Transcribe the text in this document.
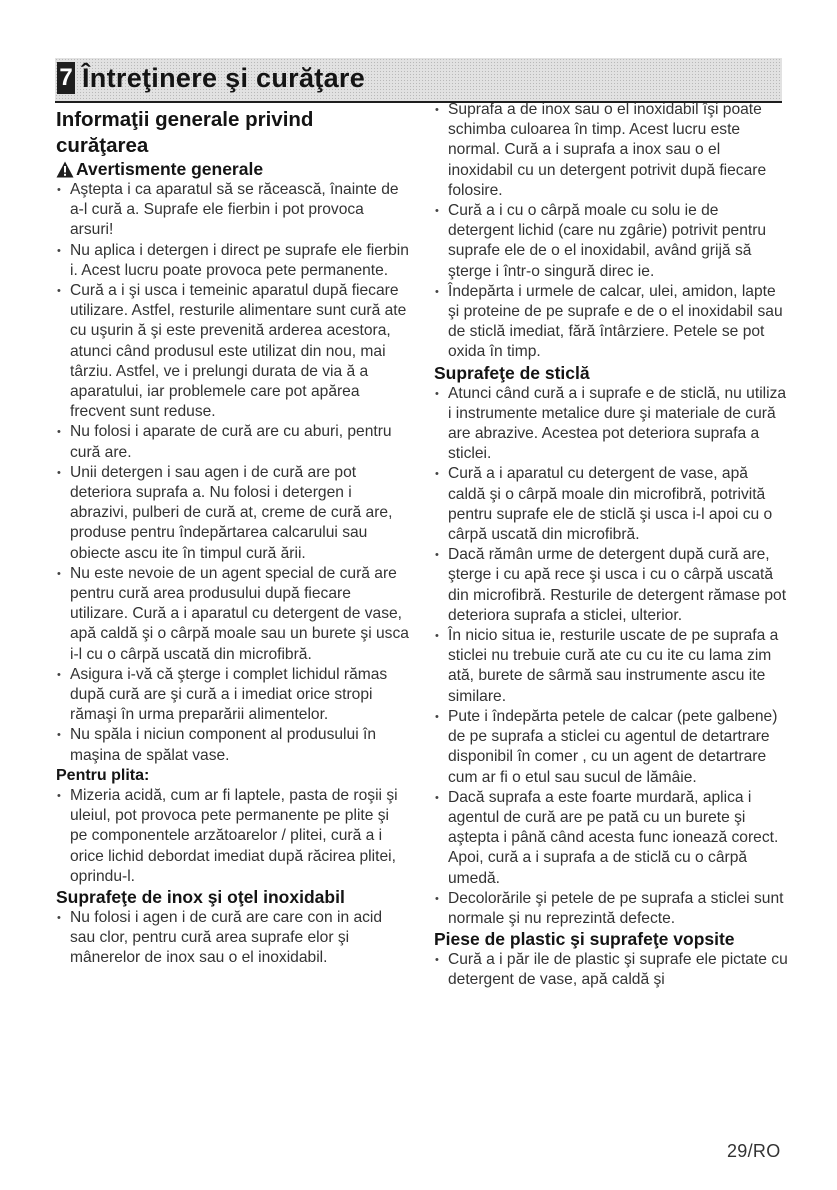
7 Întreţinere şi curăţare
Informaţii generale privind curăţarea
Avertismente generale
• Aştepta i ca aparatul să se răcească, înainte de a-l cură a. Suprafe ele fierbin i pot provoca arsuri!
• Nu aplica i detergen i direct pe suprafe ele fierbin i. Acest lucru poate provoca pete permanente.
• Cură a i şi usca i temeinic aparatul după fiecare utilizare. Astfel, resturile alimentare sunt cură ate cu uşurin ă şi este prevenită arderea acestora, atunci când produsul este utilizat din nou, mai târziu. Astfel, ve i prelungi durata de via ă a aparatului, iar problemele care pot apărea frecvent sunt reduse.
• Nu folosi i aparate de cură are cu aburi, pentru cură are.
• Unii detergen i sau agen i de cură are pot deteriora suprafa a. Nu folosi i detergen i abrazivi, pulberi de cură at, creme de cură are, produse pentru îndepărtarea calcarului sau obiecte ascu ite în timpul cură ării.
• Nu este nevoie de un agent special de cură are pentru cură area produsului după fiecare utilizare. Cură a i aparatul cu detergent de vase, apă caldă şi o cârpă moale sau un burete şi usca i-l cu o cârpă uscată din microfibră.
• Asigura i-vă că şterge i complet lichidul rămas după cură are şi cură a i imediat orice stropi rămaşi în urma preparării alimentelor.
• Nu spăla i niciun component al produsului în maşina de spălat vase.
Pentru plita:
• Mizeria acidă, cum ar fi laptele, pasta de roşii şi uleiul, pot provoca pete permanente pe plite şi pe componentele arzătoarelor / plitei, cură a i orice lichid debordat imediat după răcirea plitei, oprindu-l.
Suprafeţe de inox şi oţel inoxidabil
• Nu folosi i agen i de cură are care con in acid sau clor, pentru cură area suprafe elor şi mânerelor de inox sau o el inoxidabil.
• Suprafa a de inox sau o el inoxidabil îşi poate schimba culoarea în timp. Acest lucru este normal. Cură a i suprafa a inox sau o el inoxidabil cu un detergent potrivit după fiecare folosire.
• Cură a i cu o cârpă moale cu solu ie de detergent lichid (care nu zgârie) potrivit pentru suprafe ele de o el inoxidabil, având grijă să ştergе i într-o singură direc ie.
• Îndepărta i urmele de calcar, ulei, amidon, lapte şi proteine de pe suprafe e de o el inoxidabil sau de sticlă imediat, fără întârziere. Petele se pot oxida în timp.
Suprafeţe de sticlă
• Atunci când cură a i suprafe e de sticlă, nu utiliza i instrumente metalice dure şi materiale de cură are abrazive. Acestea pot deteriora suprafa a sticlei.
• Cură a i aparatul cu detergent de vase, apă caldă şi o cârpă moale din microfibră, potrivită pentru suprafe ele de sticlă şi usca i-l apoi cu o cârpă uscată din microfibră.
• Dacă rămân urme de detergent după cură are, şterge i cu apă rece şi usca i cu o cârpă uscată din microfibră. Resturile de detergent rămase pot deteriora suprafa a sticlei, ulterior.
• În nicio situa ie, resturile uscate de pe suprafa a sticlei nu trebuie cură ate cu cu ite cu lama zim ată, burete de sârmă sau instrumente ascu ite similare.
• Pute i îndepărta petele de calcar (pete galbene) de pe suprafa a sticlei cu agentul de detartrare disponibil în comer , cu un agent de detartrare cum ar fi o etul sau sucul de lămâie.
• Dacă suprafa a este foarte murdară, aplica i agentul de cură are pe pată cu un burete şi aştepta i până când acesta func ionează corect. Apoi, cură a i suprafa a de sticlă cu o cârpă umedă.
• Decolorările şi petele de pe suprafa a sticlei sunt normale şi nu reprezintă defecte.
Piese de plastic şi suprafeţe vopsite
• Cură a i păr ile de plastic şi suprafe ele pictate cu detergent de vase, apă caldă şi
29/RO
